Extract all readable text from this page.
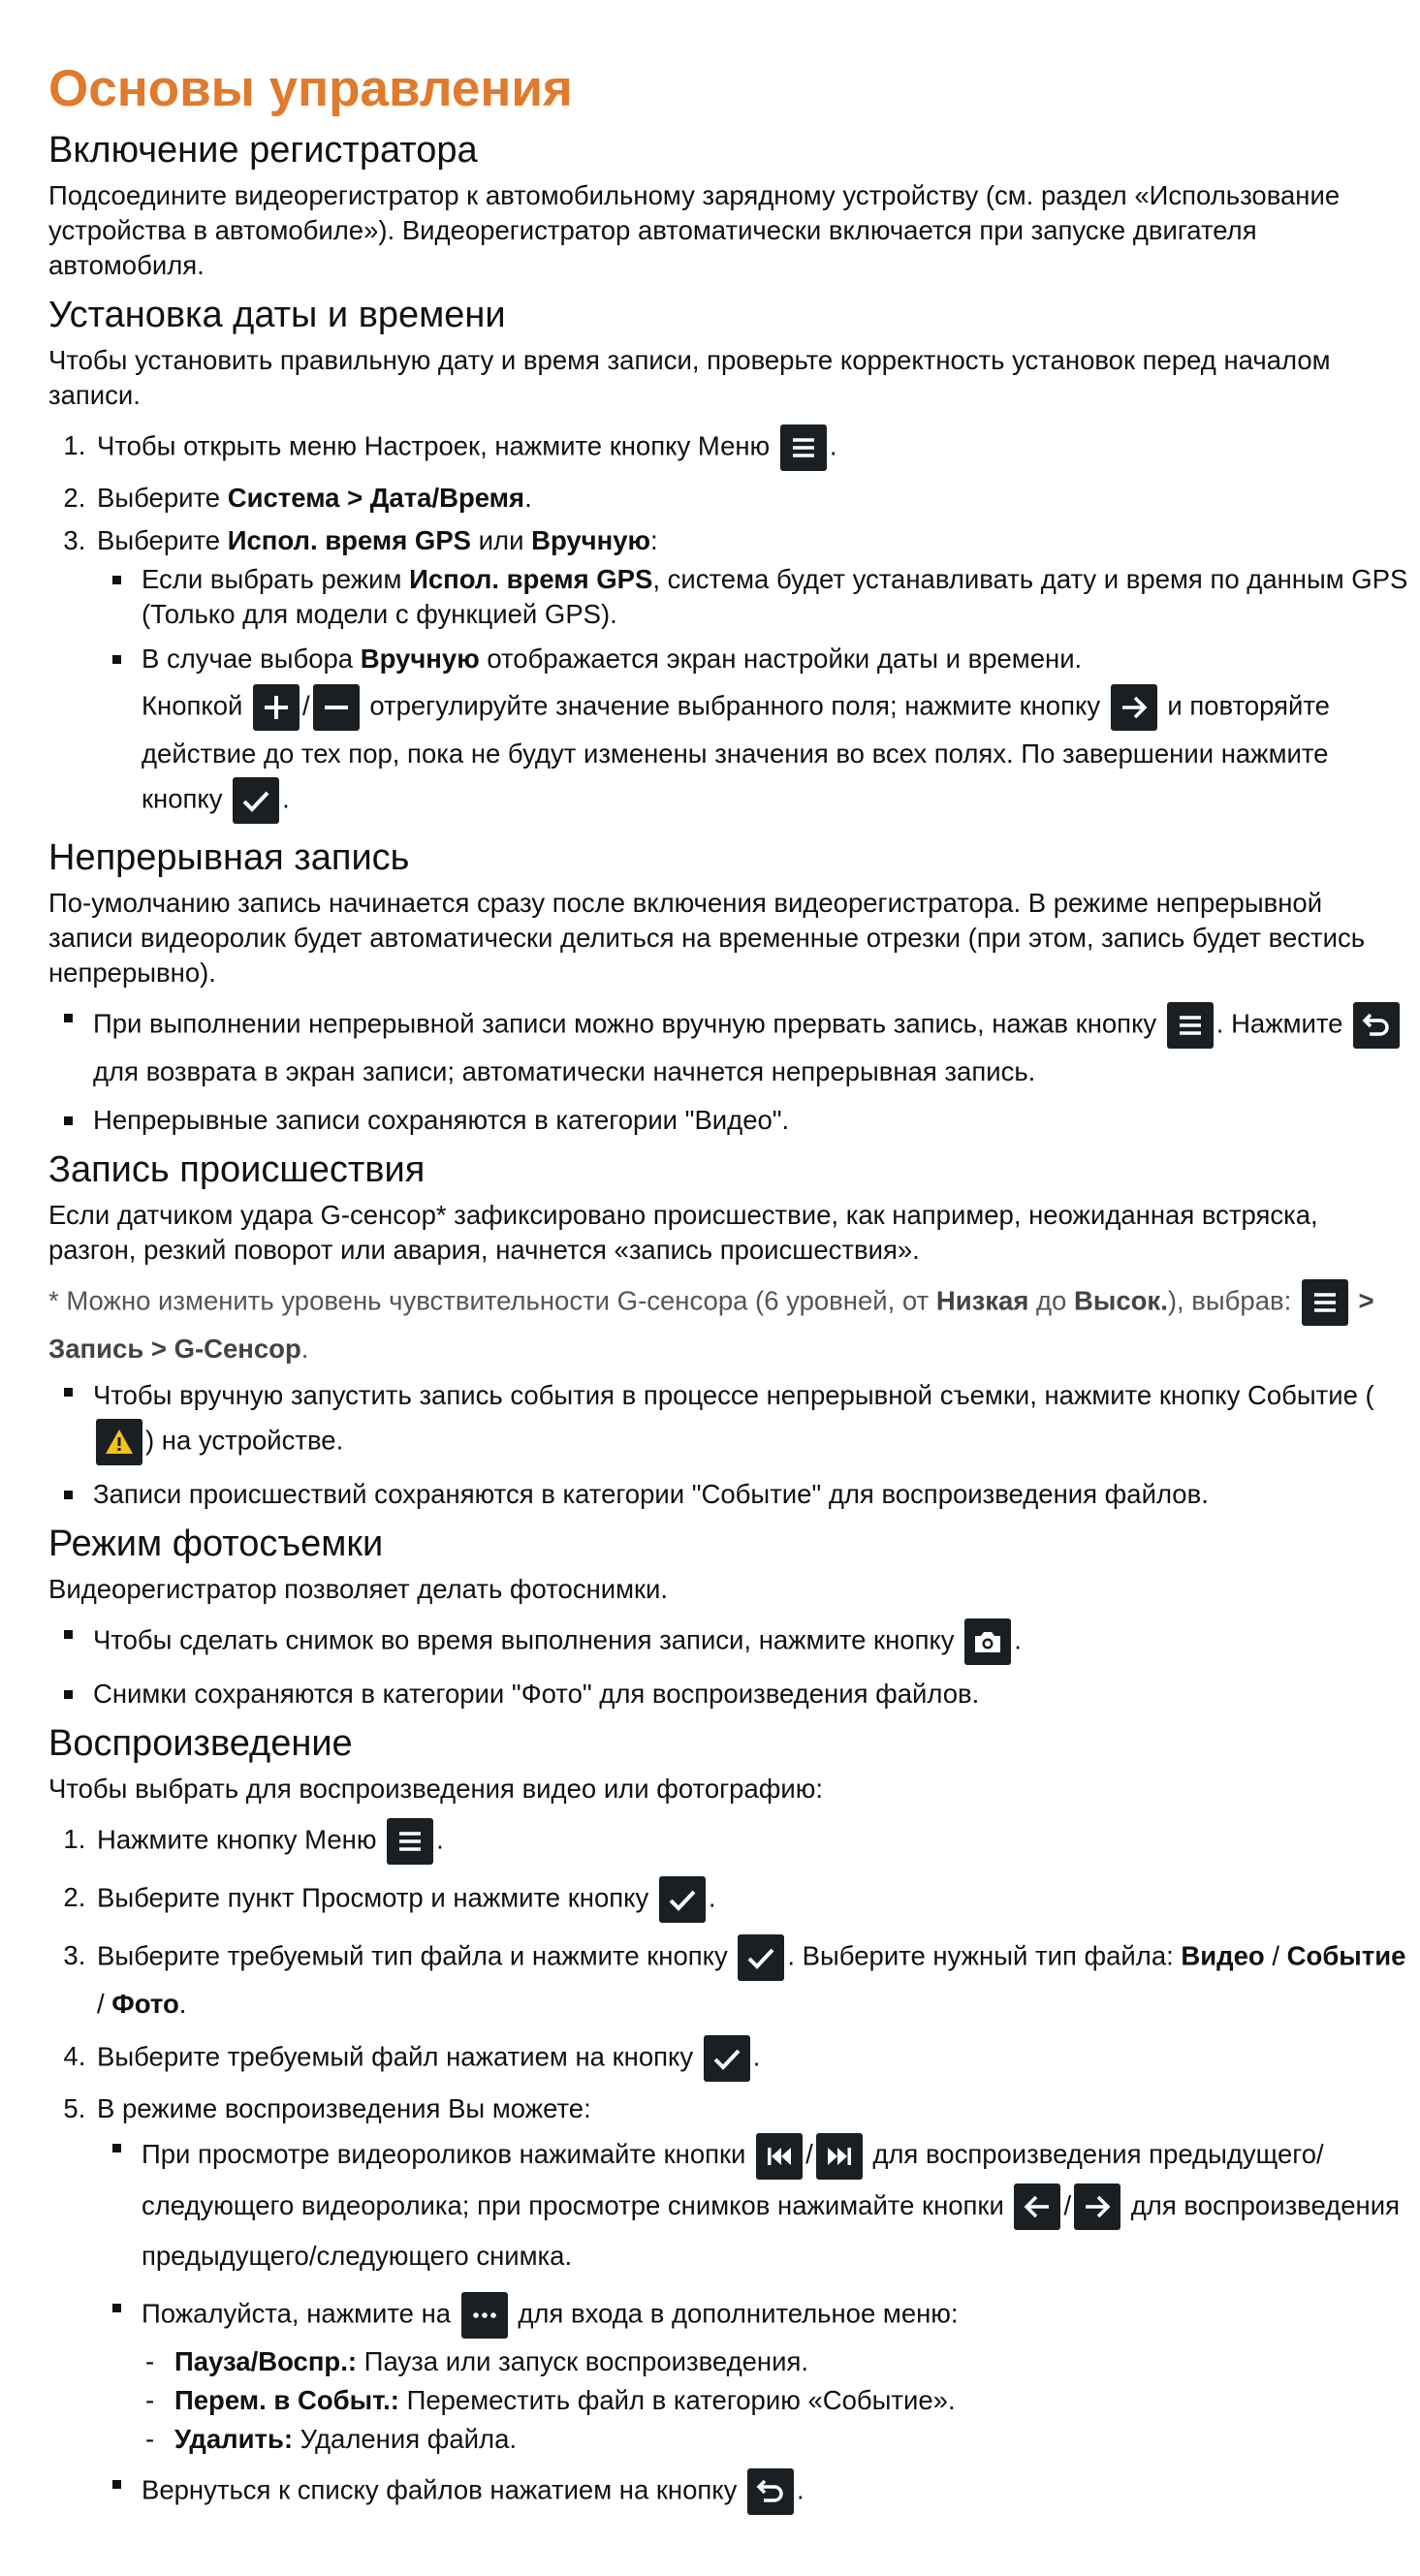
Основы управления
Включение регистратора

Подсоедините видеорегистратор к автомобильному зарядному устройству (см. раздел «Использование устройства в автомобиле»). Видеорегистратор автоматически включается при запуске двигателя автомобиля.

Установка даты и времени

Чтобы установить правильную дату и время записи, проверьте корректность установок перед началом записи.

1. Чтобы открыть меню Настроек, нажмите кнопку Меню .
2. Выберите Система > Дата/Время.
3. Выберите Испол. время GPS или Вручную:
Если выбрать режим Испол. время GPS, система будет устанавливать дату и время по данным GPS (Только для модели с функцией GPS).
В случае выбора Вручную отображается экран настройки даты и времени.
Кнопкой / отрегулируйте значение выбранного поля; нажмите кнопку	и повторяйте действие до тех пор, пока не будут изменены значения во всех полях. По завершении нажмите кнопку .
Непрерывная запись

По-умолчанию запись начинается сразу после включения видеорегистратора. В режиме непрерывной записи видеоролик будет автоматически делиться на временные отрезки (при этом, запись будет вестись непрерывно).

При выполнении непрерывной записи можно вручную прервать запись, нажав кнопку . Нажмите
для возврата в экран записи; автоматически начнется непрерывная запись.
Непрерывные записи сохраняются в категории "Видео".
Запись происшествия

Если датчиком удара G-сенсор* зафиксировано происшествие, как например, неожиданная встряска, разгон, резкий поворот или авария, начнется «запись происшествия».

* Можно изменить уровень чувствительности G-сенсора (6 уровней, от Низкая до Высок.), выбрав:	> Запись > G-Сенсор.

Чтобы вручную запустить запись события в процессе непрерывной съемки, нажмите кнопку Событие (
) на устройстве.
Записи происшествий сохраняются в категории "Событие" для воспроизведения файлов.
Режим фотосъемки

Видеорегистратор позволяет делать фотоснимки.

Чтобы сделать снимок во время выполнения записи, нажмите кнопку .
Снимки сохраняются в категории "Фото" для воспроизведения файлов.
Воспроизведение

Чтобы выбрать для воспроизведения видео или фотографию:

1. Нажмите кнопку Меню .
2. Выберите пункт Просмотр и нажмите кнопку .
3. Выберите требуемый тип файла и нажмите кнопку . Выберите нужный тип файла: Видео / Событие / Фото.
4. Выберите требуемый файл нажатием на кнопку .
5. В режиме воспроизведения Вы можете:
При просмотре видеороликов нажимайте кнопки / для воспроизведения предыдущего/ следующего видеоролика; при просмотре снимков нажимайте кнопки / для воспроизведения предыдущего/следующего снимка.
Пожалуйста, нажмите на	для входа в дополнительное меню:
- Пауза/Воспр.: Пауза или запуск воспроизведения.
- Перем. в Событ.: Переместить файл в категорию «Событие».
- Удалить: Удаления файла.
Вернуться к списку файлов нажатием на кнопку .
